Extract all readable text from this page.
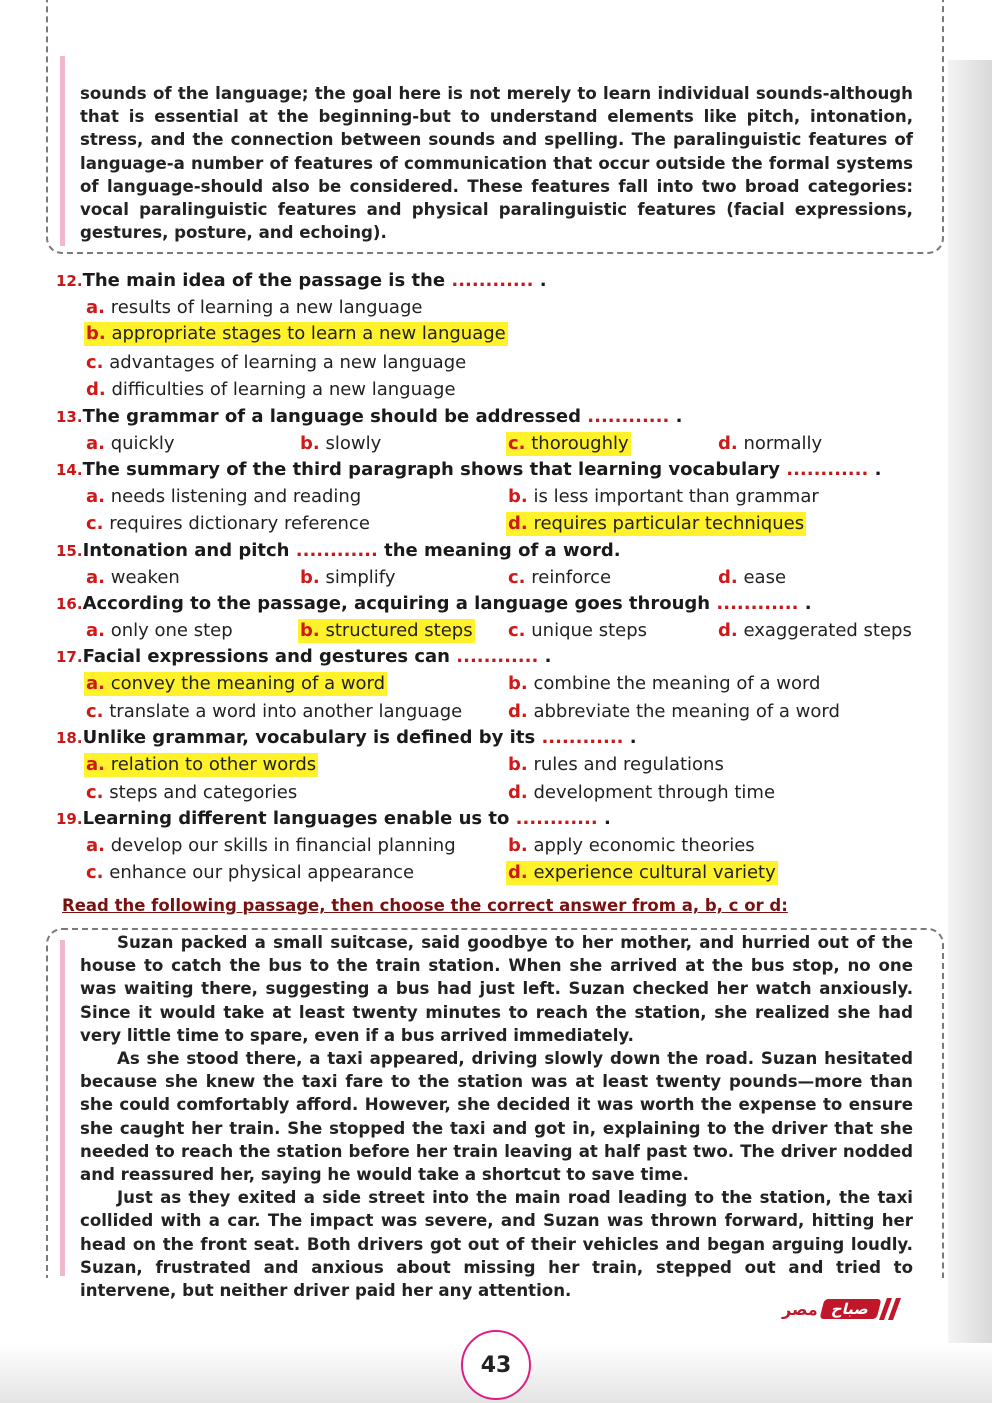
sounds of the language; the goal here is not merely to learn individual sounds-although that is essential at the beginning-but to understand elements like pitch, intonation, stress, and the connection between sounds and spelling. The paralinguistic features of language-a number of features of communication that occur outside the formal systems of language-should also be considered. These features fall into two broad categories: vocal paralinguistic features and physical paralinguistic features (facial expressions, gestures, posture, and echoing).

12.The main idea of the passage is the ............ .
a. results of learning a new language
b. appropriate stages to learn a new language
c. advantages of learning a new language
d. difficulties of learning a new language
13.The grammar of a language should be addressed ............ .
a. quickly	b. slowly	c. thoroughly	d. normally
14.The summary of the third paragraph shows that learning vocabulary ............ .
a. needs listening and reading	b. is less important than grammar
c. requires dictionary reference	d. requires particular techniques
15.Intonation and pitch ............ the meaning of a word.
a. weaken	b. simplify	c. reinforce	d. ease
16.According to the passage, acquiring a language goes through ............ .
a. only one step	b. structured steps c. unique steps	d. exaggerated steps
17.Facial expressions and gestures can ............ .
a. convey the meaning of a word	b. combine the meaning of a word
c. translate a word into another language	d. abbreviate the meaning of a word
18.Unlike grammar, vocabulary is defined by its ............ .
a. relation to other words	b. rules and regulations
c. steps and categories	d. development through time
19.Learning different languages enable us to ............ .
a. develop our skills in financial planning	b. apply economic theories
c. enhance our physical appearance	d. experience cultural variety
Read the following passage, then choose the correct answer from a, b, c or d:

Suzan packed a small suitcase, said goodbye to her mother, and hurried out of the house to catch the bus to the train station. When she arrived at the bus stop, no one was waiting there, suggesting a bus had just left. Suzan checked her watch anxiously. Since it would take at least twenty minutes to reach the station, she realized she had very little time to spare, even if a bus arrived immediately.

As she stood there, a taxi appeared, driving slowly down the road. Suzan hesitated because she knew the taxi fare to the station was at least twenty pounds—more than she could comfortably afford. However, she decided it was worth the expense to ensure she caught her train. She stopped the taxi and got in, explaining to the driver that she needed to reach the station before her train leaving at half past two. The driver nodded and reassured her, saying he would take a shortcut to save time.

Just as they exited a side street into the main road leading to the station, the taxi collided with a car. The impact was severe, and Suzan was thrown forward, hitting her head on the front seat. Both drivers got out of their vehicles and began arguing loudly. Suzan, frustrated and anxious about missing her train, stepped out and tried to intervene, but neither driver paid her any attention.

مصر صباح
43
